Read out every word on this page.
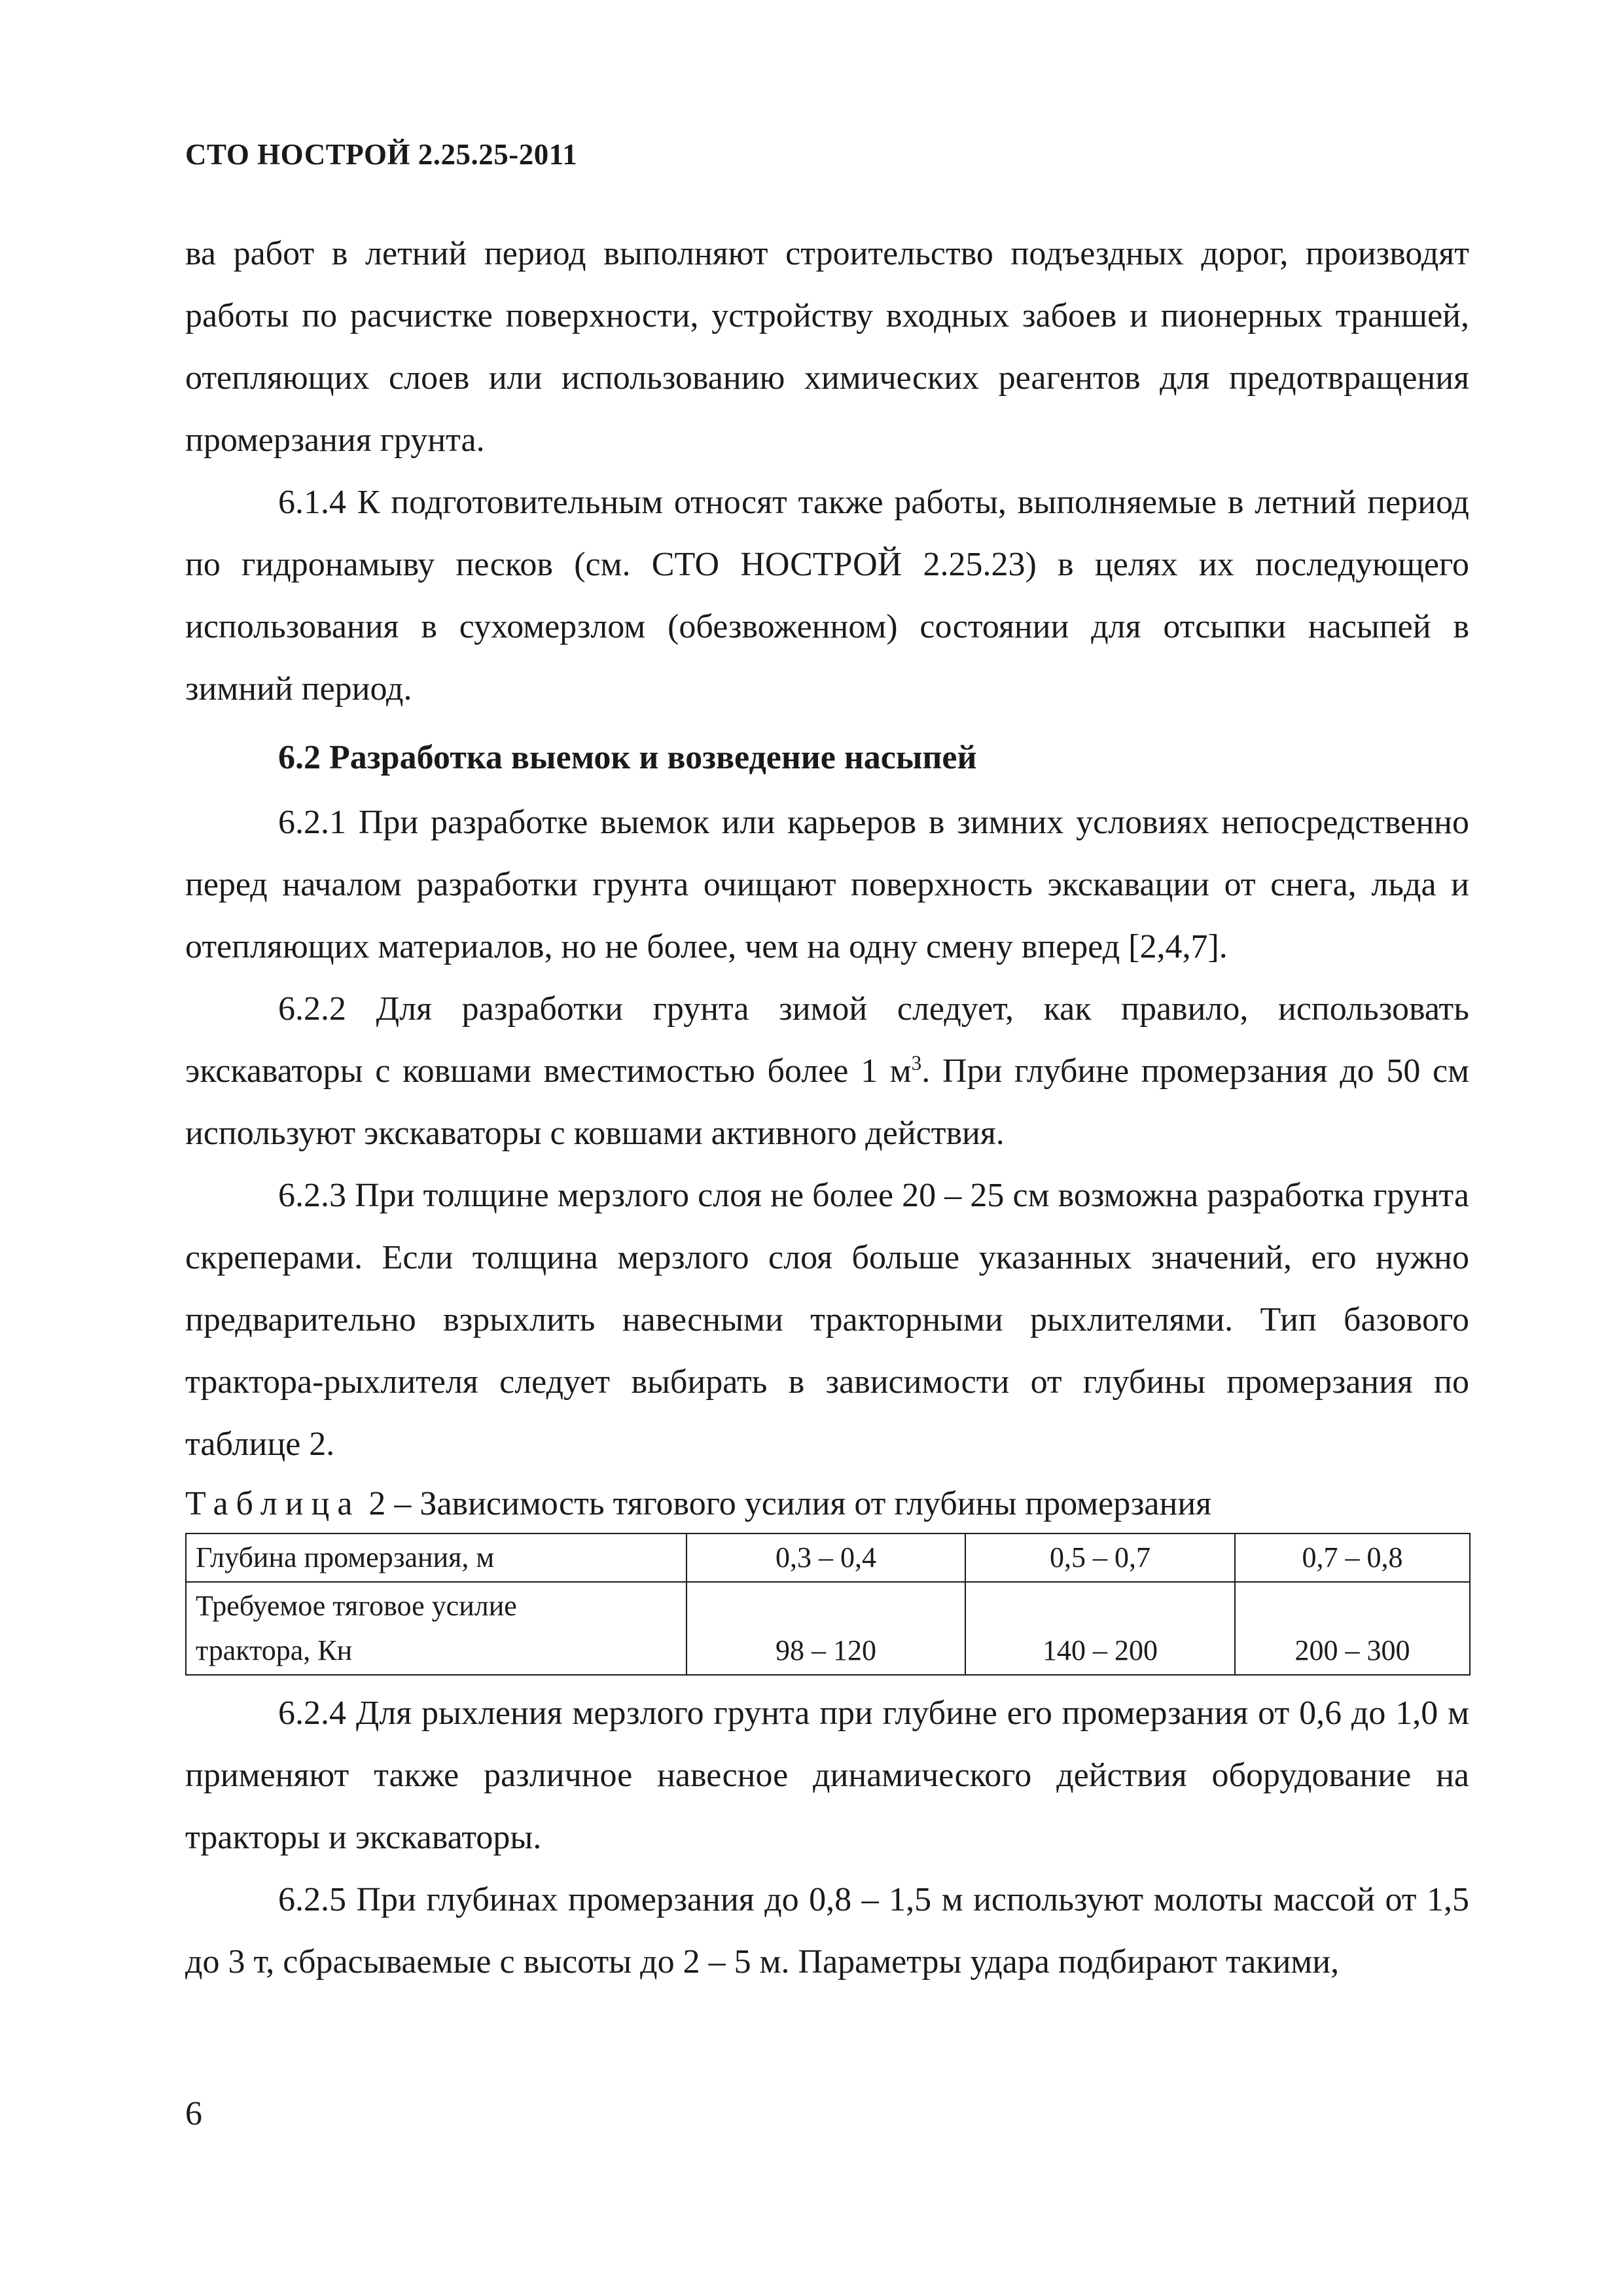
СТО НОСТРОЙ 2.25.25-2011

ва работ в летний период выполняют строительство подъездных дорог, производят работы по расчистке поверхности, устройству входных забоев и пионерных траншей, отепляющих слоев или использованию химических реагентов для предотвращения промерзания грунта.

6.1.4 К подготовительным относят также работы, выполняемые в летний период по гидронамыву песков (см. СТО НОСТРОЙ 2.25.23) в целях их последующего использования в сухомерзлом (обезвоженном) состоянии для отсыпки насыпей в зимний период.

6.2 Разработка выемок и возведение насыпей

6.2.1 При разработке выемок или карьеров в зимних условиях непосредственно перед началом разработки грунта очищают поверхность экскавации от снега, льда и отепляющих материалов, но не более, чем на одну смену вперед [2,4,7].

6.2.2 Для разработки грунта зимой следует, как правило, использовать экскаваторы с ковшами вместимостью более 1 $м^3$. При глубине промерзания до 50 см используют экскаваторы с ковшами активного действия.

6.2.3 При толщине мерзлого слоя не более 20 – 25 см возможна разработка грунта скреперами. Если толщина мерзлого слоя больше указанных значений, его нужно предварительно взрыхлить навесными тракторными рыхлителями. Тип базового трактора-рыхлителя следует выбирать в зависимости от глубины промерзания по таблице 2.

Таблица 2 – Зависимость тягового усилия от глубины промерзания

Глубина промерзания, м	0,3 – 0,4	0,5 – 0,7	0,7 – 0,8
Требуемое тяговое усилие
трактора, Кн	98 – 120	140 – 200	200 – 300

6.2.4 Для рыхления мерзлого грунта при глубине его промерзания от 0,6 до 1,0 м применяют также различное навесное динамического действия оборудование на тракторы и экскаваторы.

6.2.5 При глубинах промерзания до 0,8 – 1,5 м используют молоты массой от 1,5 до 3 т, сбрасываемые с высоты до 2 – 5 м. Параметры удара подбирают такими,

6
